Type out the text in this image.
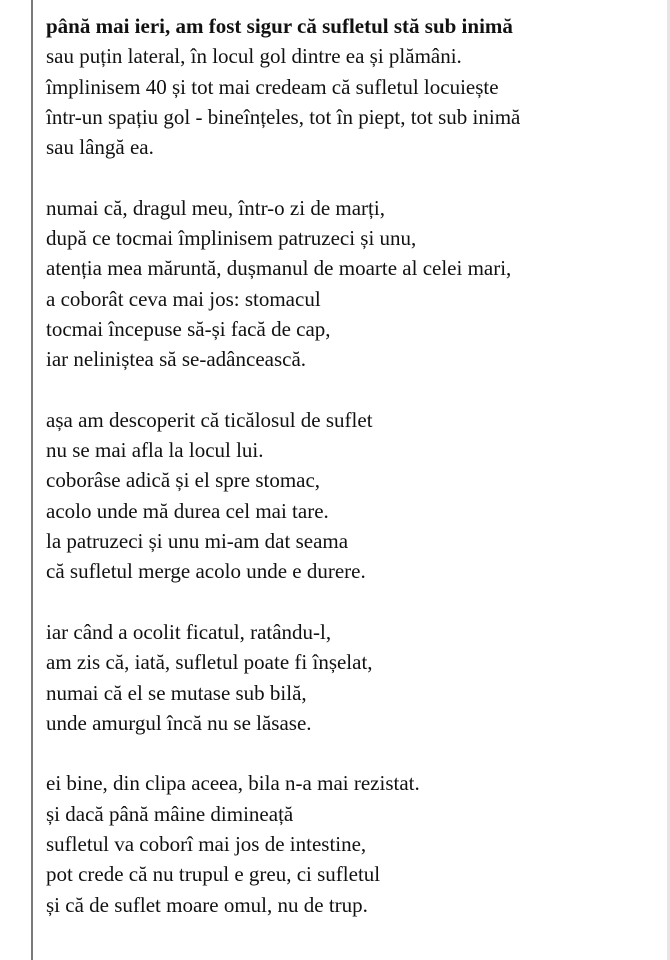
până mai ieri, am fost sigur că sufletul stă sub inimă
sau puțin lateral, în locul gol dintre ea și plămâni.
împlinisem 40 și tot mai credeam că sufletul locuiește
într-un spațiu gol - bineînțeles, tot în piept, tot sub inimă
sau lângă ea.
numai că, dragul meu, într-o zi de marți,
după ce tocmai împlinisem patruzeci și unu,
atenția mea măruntă, dușmanul de moarte al celei mari,
a coborât ceva mai jos: stomacul
tocmai începuse să-și facă de cap,
iar neliniștea să se-adâncească.
așa am descoperit că ticălosul de suflet
nu se mai afla la locul lui.
coborâse adică și el spre stomac,
acolo unde mă durea cel mai tare.
la patruzeci și unu mi-am dat seama
că sufletul merge acolo unde e durere.
iar când a ocolit ficatul, ratându-l,
am zis că, iată, sufletul poate fi înșelat,
numai că el se mutase sub bilă,
unde amurgul încă nu se lăsase.
ei bine, din clipa aceea, bila n-a mai rezistat.
și dacă până mâine dimineață
sufletul va coborî mai jos de intestine,
pot crede că nu trupul e greu, ci sufletul
și că de suflet moare omul, nu de trup.
